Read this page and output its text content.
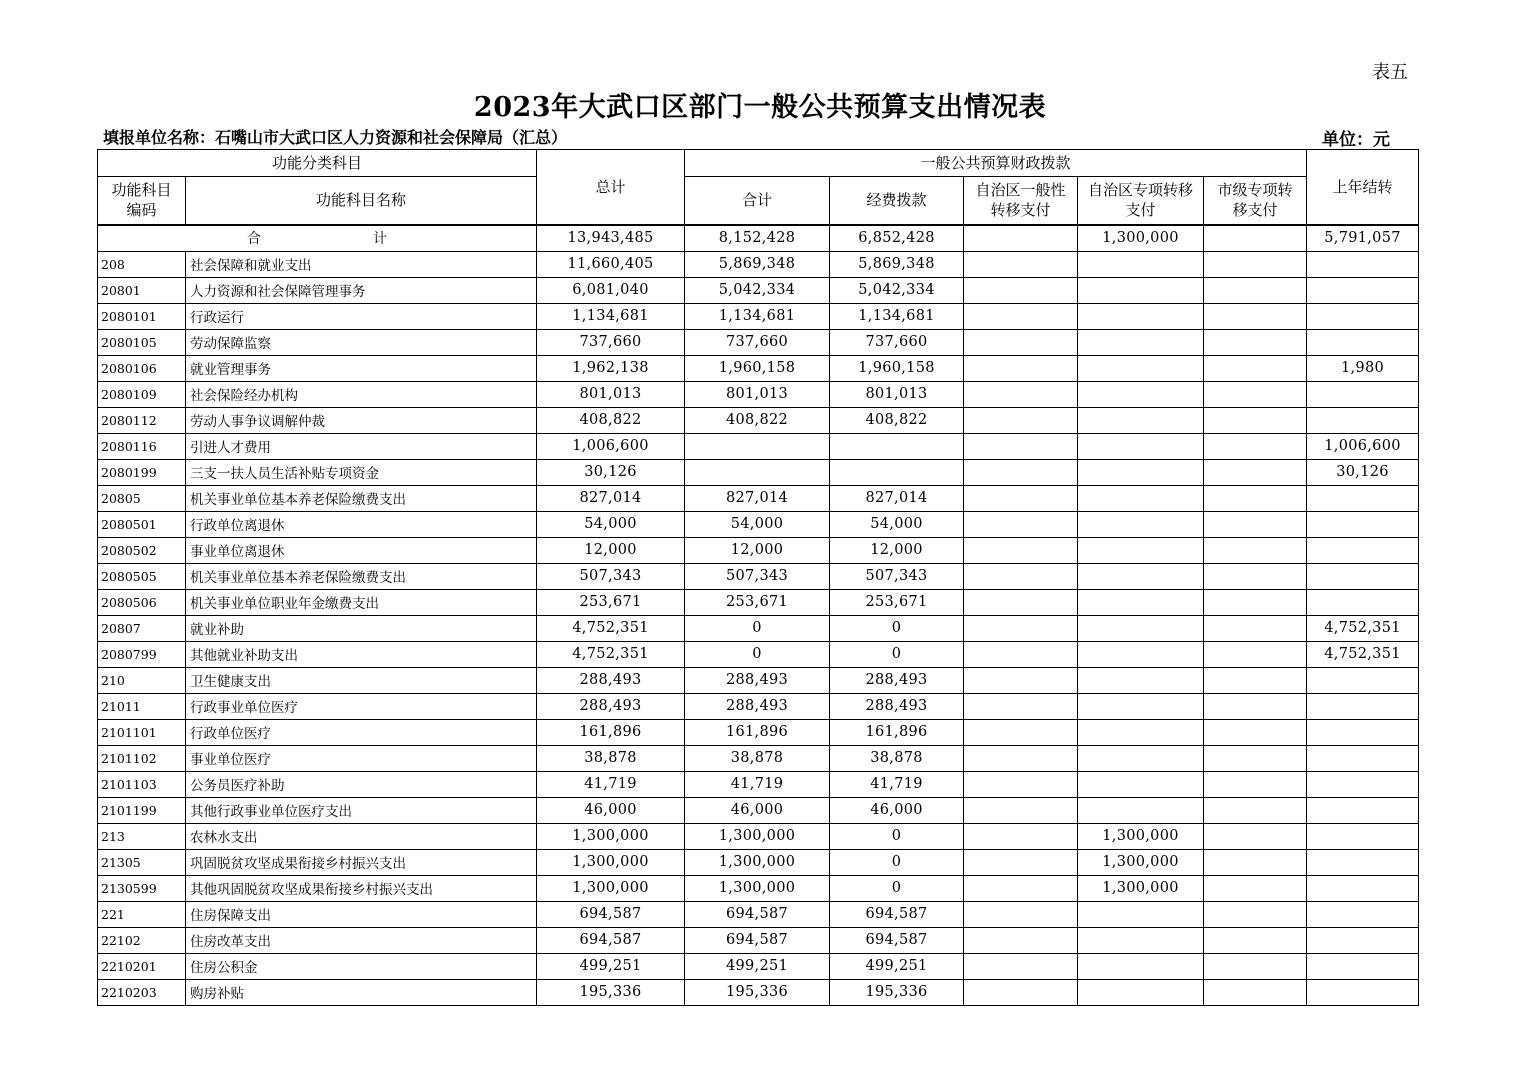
表五
2023年大武口区部门一般公共预算支出情况表
填报单位名称：石嘴山市大武口区人力资源和社会保障局（汇总）	单位：元
功能分类科目		总计	一般公共预算财政拨款					上年结转
功能科目编码	功能科目名称		合计	经费拨款	自治区一般性转移支付	自治区专项转移支付	市级专项转移支付	
合 计		13,943,485	8,152,428	6,852,428		1,300,000		5,791,057
208	社会保障和就业支出	11,660,405	5,869,348	5,869,348				
20801	人力资源和社会保障管理事务	6,081,040	5,042,334	5,042,334				
2080101	行政运行	1,134,681	1,134,681	1,134,681				
2080105	劳动保障监察	737,660	737,660	737,660				
2080106	就业管理事务	1,962,138	1,960,158	1,960,158				1,980
2080109	社会保险经办机构	801,013	801,013	801,013				
2080112	劳动人事争议调解仲裁	408,822	408,822	408,822				
2080116	引进人才费用	1,006,600						1,006,600
2080199	三支一扶人员生活补贴专项资金	30,126						30,126
20805	机关事业单位基本养老保险缴费支出	827,014	827,014	827,014				
2080501	行政单位离退休	54,000	54,000	54,000				
2080502	事业单位离退休	12,000	12,000	12,000				
2080505	机关事业单位基本养老保险缴费支出	507,343	507,343	507,343				
2080506	机关事业单位职业年金缴费支出	253,671	253,671	253,671				
20807	就业补助	4,752,351	0	0				4,752,351
2080799	其他就业补助支出	4,752,351	0	0				4,752,351
210	卫生健康支出	288,493	288,493	288,493				
21011	行政事业单位医疗	288,493	288,493	288,493				
2101101	行政单位医疗	161,896	161,896	161,896				
2101102	事业单位医疗	38,878	38,878	38,878				
2101103	公务员医疗补助	41,719	41,719	41,719				
2101199	其他行政事业单位医疗支出	46,000	46,000	46,000				
213	农林水支出	1,300,000	1,300,000	0		1,300,000		
21305	巩固脱贫攻坚成果衔接乡村振兴支出	1,300,000	1,300,000	0		1,300,000		
2130599	其他巩固脱贫攻坚成果衔接乡村振兴支出	1,300,000	1,300,000	0		1,300,000		
221	住房保障支出	694,587	694,587	694,587				
22102	住房改革支出	694,587	694,587	694,587				
2210201	住房公积金	499,251	499,251	499,251				
2210203	购房补贴	195,336	195,336	195,336				
